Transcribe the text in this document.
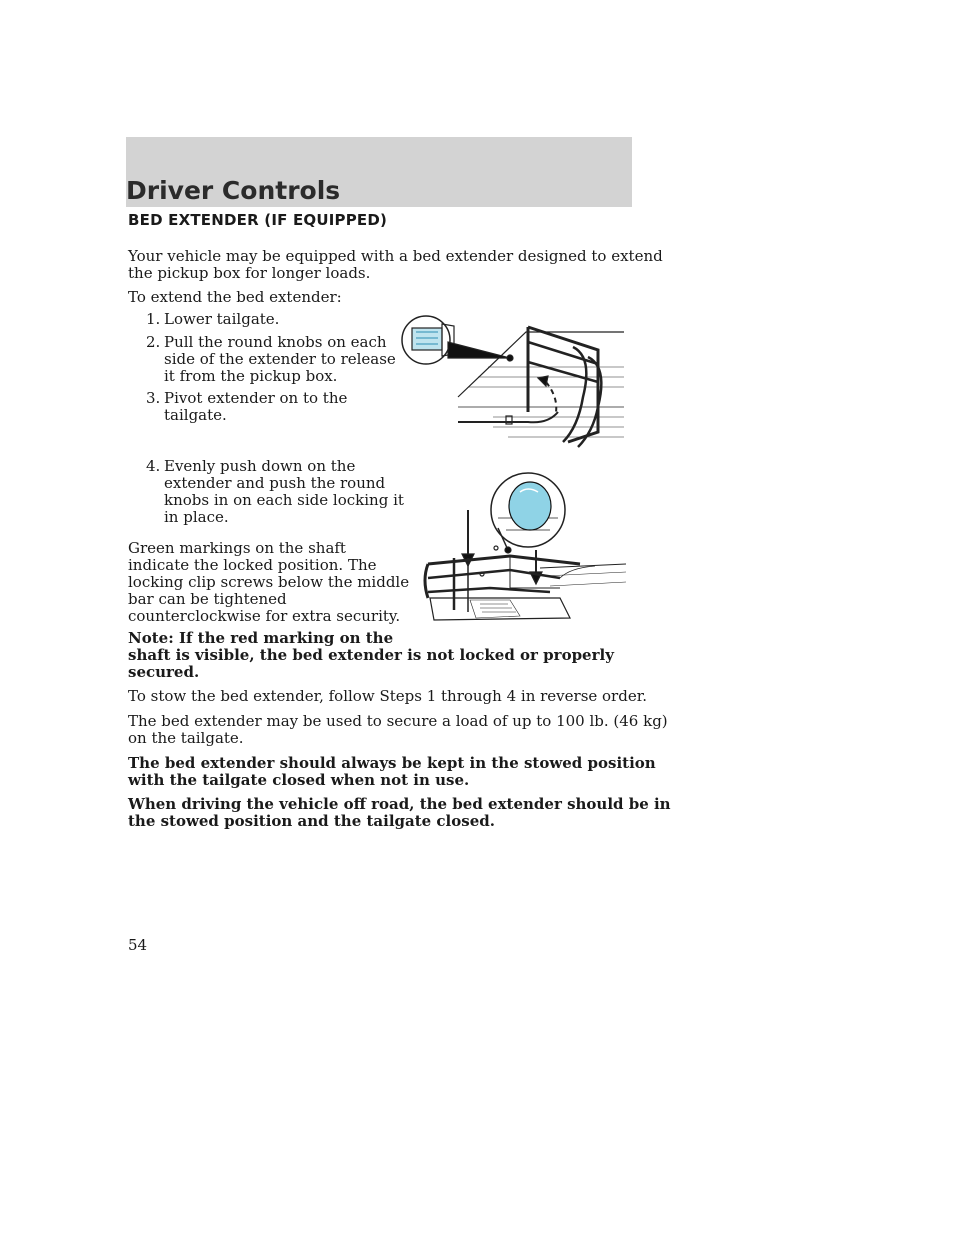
Driver Controls
BED EXTENDER (IF EQUIPPED)

Your vehicle may be equipped with a bed extender designed to extend

the pickup box for longer loads.

To extend the bed extender:

1. Lower tailgate.
2. Pull the round knobs on each
side of the extender to release
it from the pickup box.
3. Pivot extender on to the
tailgate.
4. Evenly push down on the
extender and push the round
knobs in on each side locking it
in place.

Green markings on the shaft

indicate the locked position. The

locking clip screws below the middle

bar can be tightened

counterclockwise for extra security.

Note: If the red marking on the

shaft is visible, the bed extender is not locked or properly

secured.

To stow the bed extender, follow Steps 1 through 4 in reverse order.

The bed extender may be used to secure a load of up to 100 lb. (46 kg)

on the tailgate.

The bed extender should always be kept in the stowed position

with the tailgate closed when not in use.

When driving the vehicle off road, the bed extender should be in

the stowed position and the tailgate closed.

54
